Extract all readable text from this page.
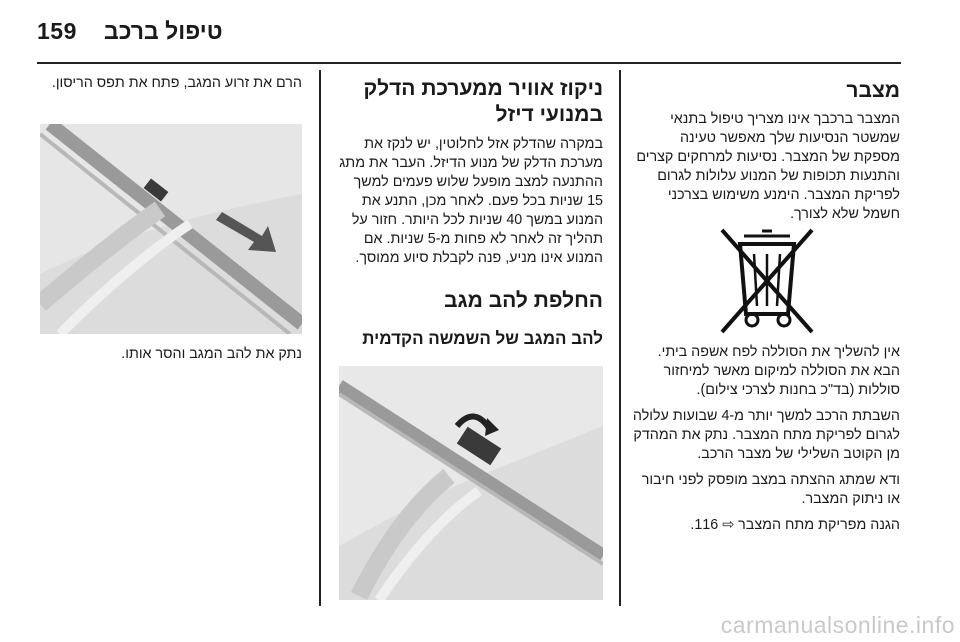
159 טיפול ברכב
מצבר

המצבר ברכבך אינו מצריך טיפול בתנאי שמשטר הנסיעות שלך מאפשר טעינה מספקת של המצבר. נסיעות למרחקים קצרים והתנעות תכופות של המנוע עלולות לגרום לפריקת המצבר. הימנע משימוש בצרכני חשמל שלא לצורך.

אין להשליך את הסוללה לפח אשפה ביתי. הבא את הסוללה למיקום מאשר למיחזור סוללות (בד"כ בחנות לצרכי צילום).

השבתת הרכב למשך יותר מ-4 שבועות עלולה לגרום לפריקת מתח המצבר. נתק את המהדק מן הקוטב השלילי של מצבר הרכב.

ודא שמתג ההצתה במצב מופסק לפני חיבור או ניתוק המצבר.

הגנה מפריקת מתח המצבר ⇨ 116.

ניקוז אוויר ממערכת הדלק במנועי דיזל

במקרה שהדלק אזל לחלוטין, יש לנקז את מערכת הדלק של מנוע הדיזל. העבר את מתג ההתנעה למצב מופעל שלוש פעמים למשך 15 שניות בכל פעם. לאחר מכן, התנע את המנוע במשך 40 שניות לכל היותר. חזור על תהליך זה לאחר לא פחות מ-5 שניות. אם המנוע אינו מניע, פנה לקבלת סיוע ממוסך.

החלפת להב מגב
להב המגב של השמשה הקדמית

הרם את זרוע המגב, פתח את תפס הריסון.

נתק את להב המגב והסר אותו.

carmanualsonline.info
